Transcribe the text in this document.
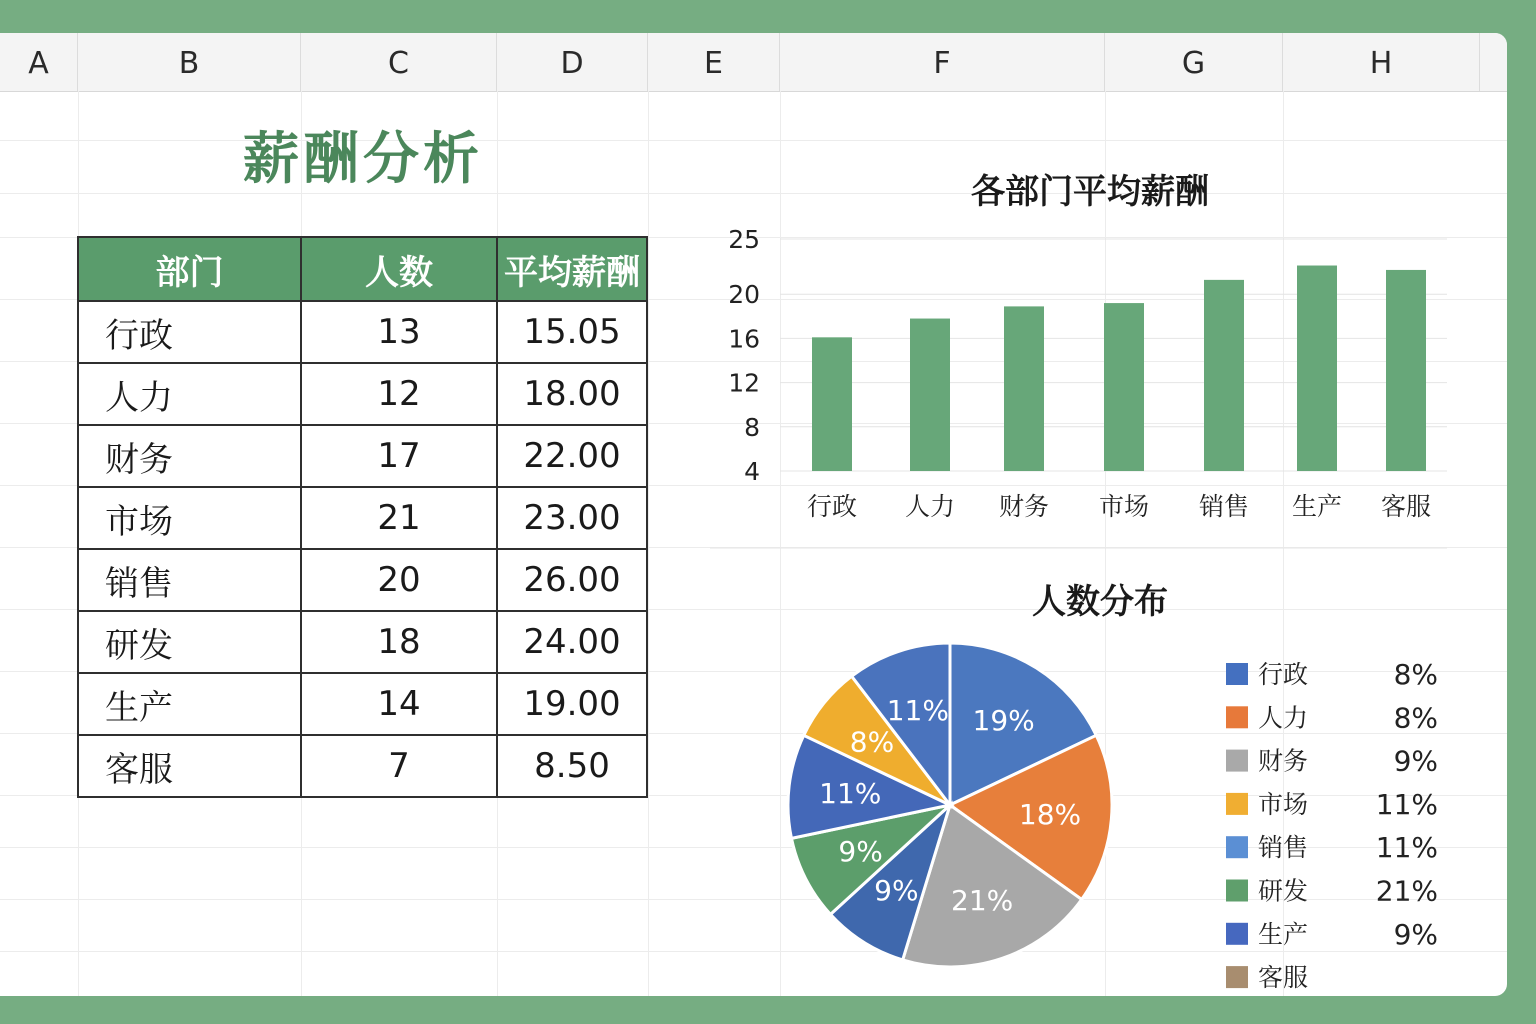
A	B	C	D	E	F	G	H
薪酬分析
部门	人数	平均薪酬
行政	13	15.05
人力	12	18.00
财务	17	22.00
市场	21	23.00
销售	20	26.00
研发	18	24.00
生产	14	19.00
客服	7	8.50
各部门平均薪酬
4
8
12
16
20
25
行政 人力 财务 市场 销售 生产 客服
人数分布
19%
18%
21%
9%
9%
11%
8%
11%
行政	8%
人力	8%
财务	9%
市场 11%
销售 11%
研发 21%
生产	9%
客服
